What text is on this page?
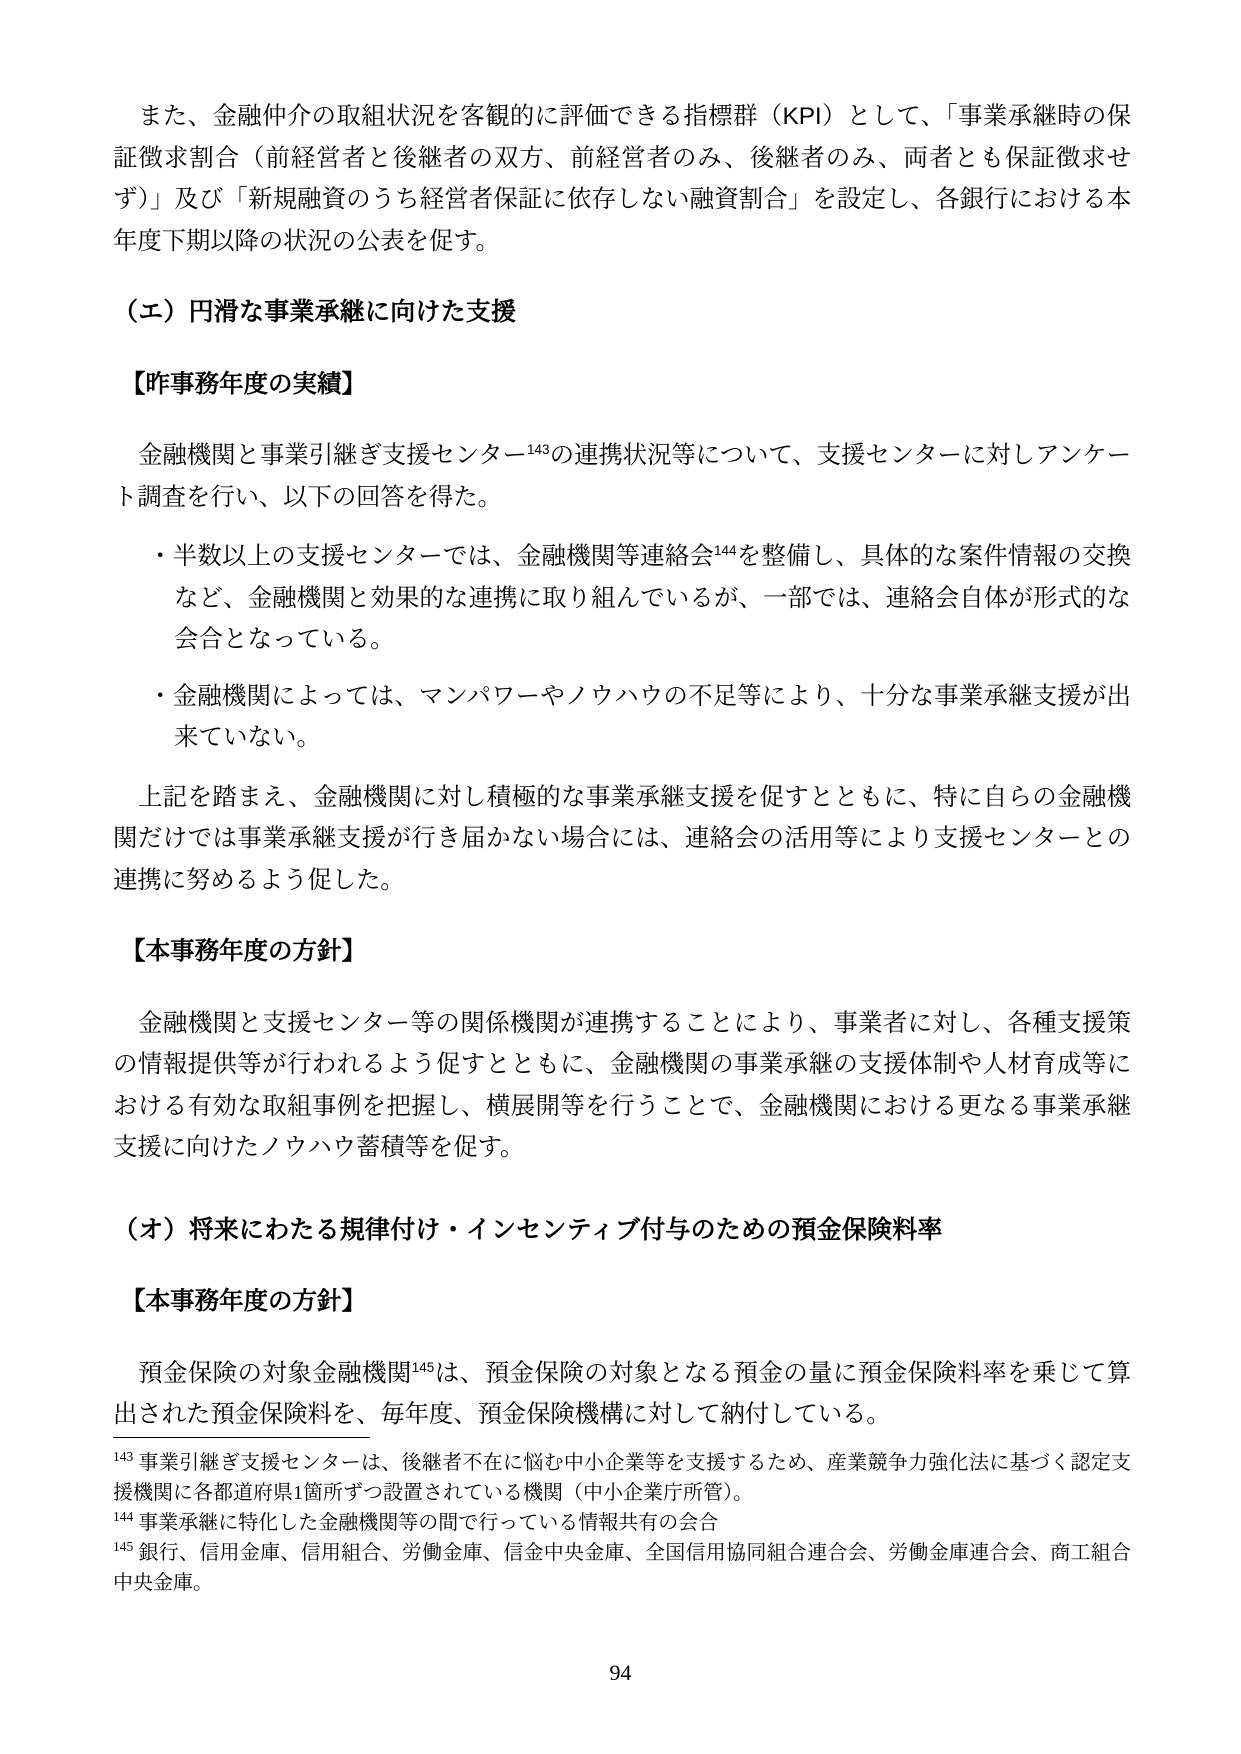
また、金融仲介の取組状況を客観的に評価できる指標群（KPI）として、「事業承継時の保証徴求割合（前経営者と後継者の双方、前経営者のみ、後継者のみ、両者とも保証徴求せず）」及び「新規融資のうち経営者保証に依存しない融資割合」を設定し、各銀行における本年度下期以降の状況の公表を促す。

（エ）円滑な事業承継に向けた支援

【昨事務年度の実績】

金融機関と事業引継ぎ支援センター$^{143}$の連携状況等について、支援センターに対しアンケート調査を行い、以下の回答を得た。

・半数以上の支援センターでは、金融機関等連絡会$^{144}$を整備し、具体的な案件情報の交換など、金融機関と効果的な連携に取り組んでいるが、一部では、連絡会自体が形式的な会合となっている。

・金融機関によっては、マンパワーやノウハウの不足等により、十分な事業承継支援が出来ていない。

上記を踏まえ、金融機関に対し積極的な事業承継支援を促すとともに、特に自らの金融機関だけでは事業承継支援が行き届かない場合には、連絡会の活用等により支援センターとの連携に努めるよう促した。

【本事務年度の方針】

金融機関と支援センター等の関係機関が連携することにより、事業者に対し、各種支援策の情報提供等が行われるよう促すとともに、金融機関の事業承継の支援体制や人材育成等における有効な取組事例を把握し、横展開等を行うことで、金融機関における更なる事業承継支援に向けたノウハウ蓄積等を促す。

（オ）将来にわたる規律付け・インセンティブ付与のための預金保険料率

【本事務年度の方針】

預金保険の対象金融機関$^{145}$は、預金保険の対象となる預金の量に預金保険料率を乗じて算出された預金保険料を、毎年度、預金保険機構に対して納付している。

$^{143}$ 事業引継ぎ支援センターは、後継者不在に悩む中小企業等を支援するため、産業競争力強化法に基づく認定支援機関に各都道府県1箇所ずつ設置されている機関（中小企業庁所管）。

$^{144}$ 事業承継に特化した金融機関等の間で行っている情報共有の会合

$^{145}$ 銀行、信用金庫、信用組合、労働金庫、信金中央金庫、全国信用協同組合連合会、労働金庫連合会、商工組合中央金庫。

94
